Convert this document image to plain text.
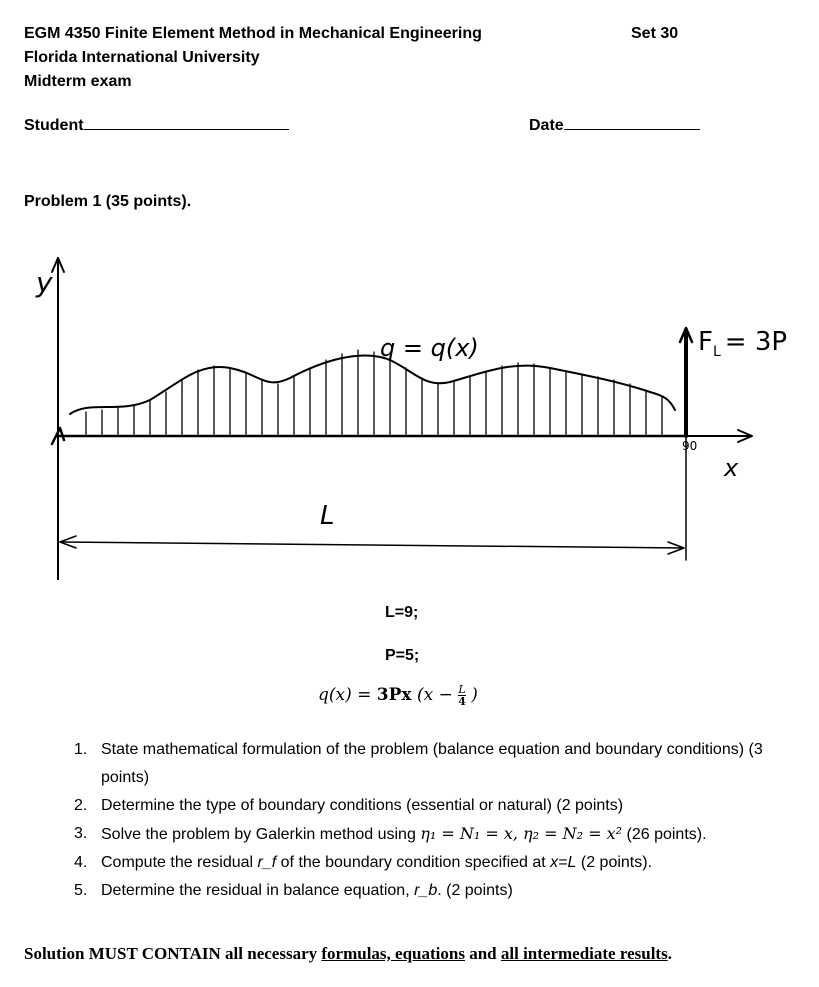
EGM 4350 Finite Element Method in Mechanical Engineering
Florida International University
Midterm exam
Set 30
Student	Date
Problem 1 (35 points).
y
q = q(x)	$F_L = 3P$
90
x
L
L=9;
P=5;
q(x) = 3Px ($x - \frac{L}{4}$ )
1. State mathematical formulation of the problem (balance equation and boundary conditions) (3 points)
2. Determine the type of boundary conditions (essential or natural) (2 points)
3. Solve the problem by Galerkin method using η₁ = N₁ = x, η₂ = N₂ = x² (26 points).
4. Compute the residual r_f of the boundary condition specified at x=L (2 points).
5. Determine the residual in balance equation, r_b. (2 points)
Solution MUST CONTAIN all necessary formulas, equations and all intermediate results.
